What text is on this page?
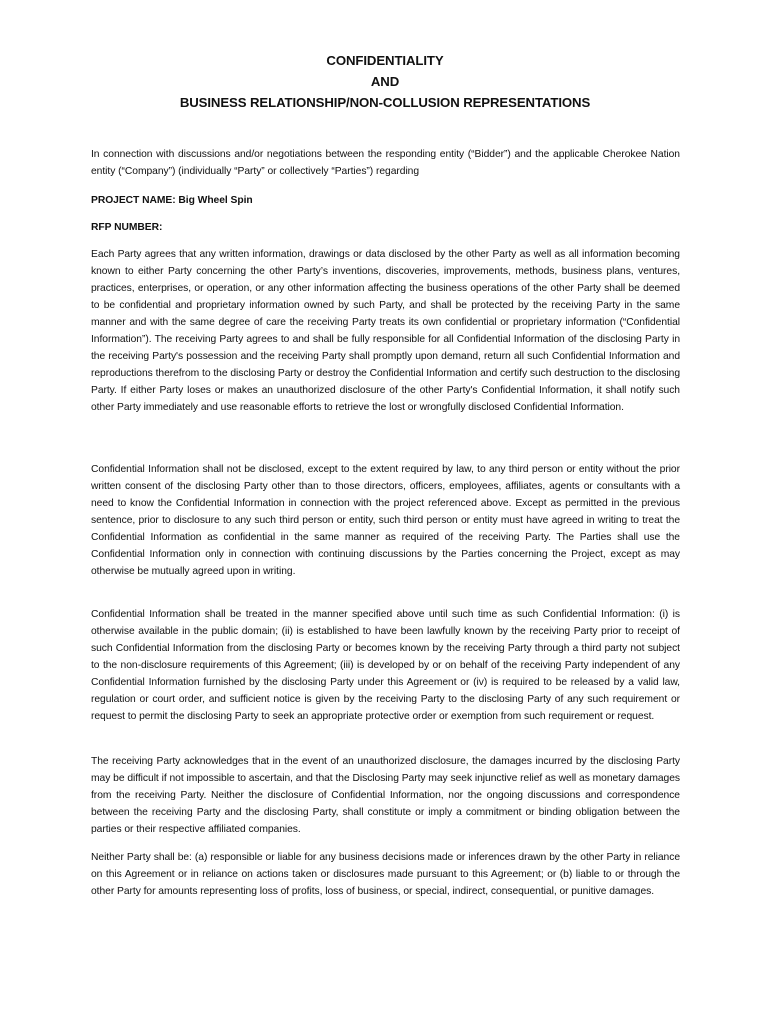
CONFIDENTIALITY
AND
BUSINESS RELATIONSHIP/NON-COLLUSION REPRESENTATIONS
In connection with discussions and/or negotiations between the responding entity (“Bidder”) and the applicable Cherokee Nation entity (“Company”) (individually “Party” or collectively “Parties”) regarding
PROJECT NAME: Big Wheel Spin
RFP NUMBER:
Each Party agrees that any written information, drawings or data disclosed by the other Party as well as all information becoming known to either Party concerning the other Party’s inventions, discoveries, improvements, methods, business plans, ventures, practices, enterprises, or operation, or any other information affecting the business operations of the other Party shall be deemed to be confidential and proprietary information owned by such Party, and shall be protected by the receiving Party in the same manner and with the same degree of care the receiving Party treats its own confidential or proprietary information (“Confidential Information”). The receiving Party agrees to and shall be fully responsible for all Confidential Information of the disclosing Party in the receiving Party's possession and the receiving Party shall promptly upon demand, return all such Confidential Information and reproductions therefrom to the disclosing Party or destroy the Confidential Information and certify such destruction to the disclosing Party. If either Party loses or makes an unauthorized disclosure of the other Party's Confidential Information, it shall notify such other Party immediately and use reasonable efforts to retrieve the lost or wrongfully disclosed Confidential Information.
Confidential Information shall not be disclosed, except to the extent required by law, to any third person or entity without the prior written consent of the disclosing Party other than to those directors, officers, employees, affiliates, agents or consultants with a need to know the Confidential Information in connection with the project referenced above. Except as permitted in the previous sentence, prior to disclosure to any such third person or entity, such third person or entity must have agreed in writing to treat the Confidential Information as confidential in the same manner as required of the receiving Party. The Parties shall use the Confidential Information only in connection with continuing discussions by the Parties concerning the Project, except as may otherwise be mutually agreed upon in writing.
Confidential Information shall be treated in the manner specified above until such time as such Confidential Information: (i) is otherwise available in the public domain; (ii) is established to have been lawfully known by the receiving Party prior to receipt of such Confidential Information from the disclosing Party or becomes known by the receiving Party through a third party not subject to the non-disclosure requirements of this Agreement; (iii) is developed by or on behalf of the receiving Party independent of any Confidential Information furnished by the disclosing Party under this Agreement or (iv) is required to be released by a valid law, regulation or court order, and sufficient notice is given by the receiving Party to the disclosing Party of any such requirement or request to permit the disclosing Party to seek an appropriate protective order or exemption from such requirement or request.
The receiving Party acknowledges that in the event of an unauthorized disclosure, the damages incurred by the disclosing Party may be difficult if not impossible to ascertain, and that the Disclosing Party may seek injunctive relief as well as monetary damages from the receiving Party. Neither the disclosure of Confidential Information, nor the ongoing discussions and correspondence between the receiving Party and the disclosing Party, shall constitute or imply a commitment or binding obligation between the parties or their respective affiliated companies.
Neither Party shall be: (a) responsible or liable for any business decisions made or inferences drawn by the other Party in reliance on this Agreement or in reliance on actions taken or disclosures made pursuant to this Agreement; or (b) liable to or through the other Party for amounts representing loss of profits, loss of business, or special, indirect, consequential, or punitive damages.
